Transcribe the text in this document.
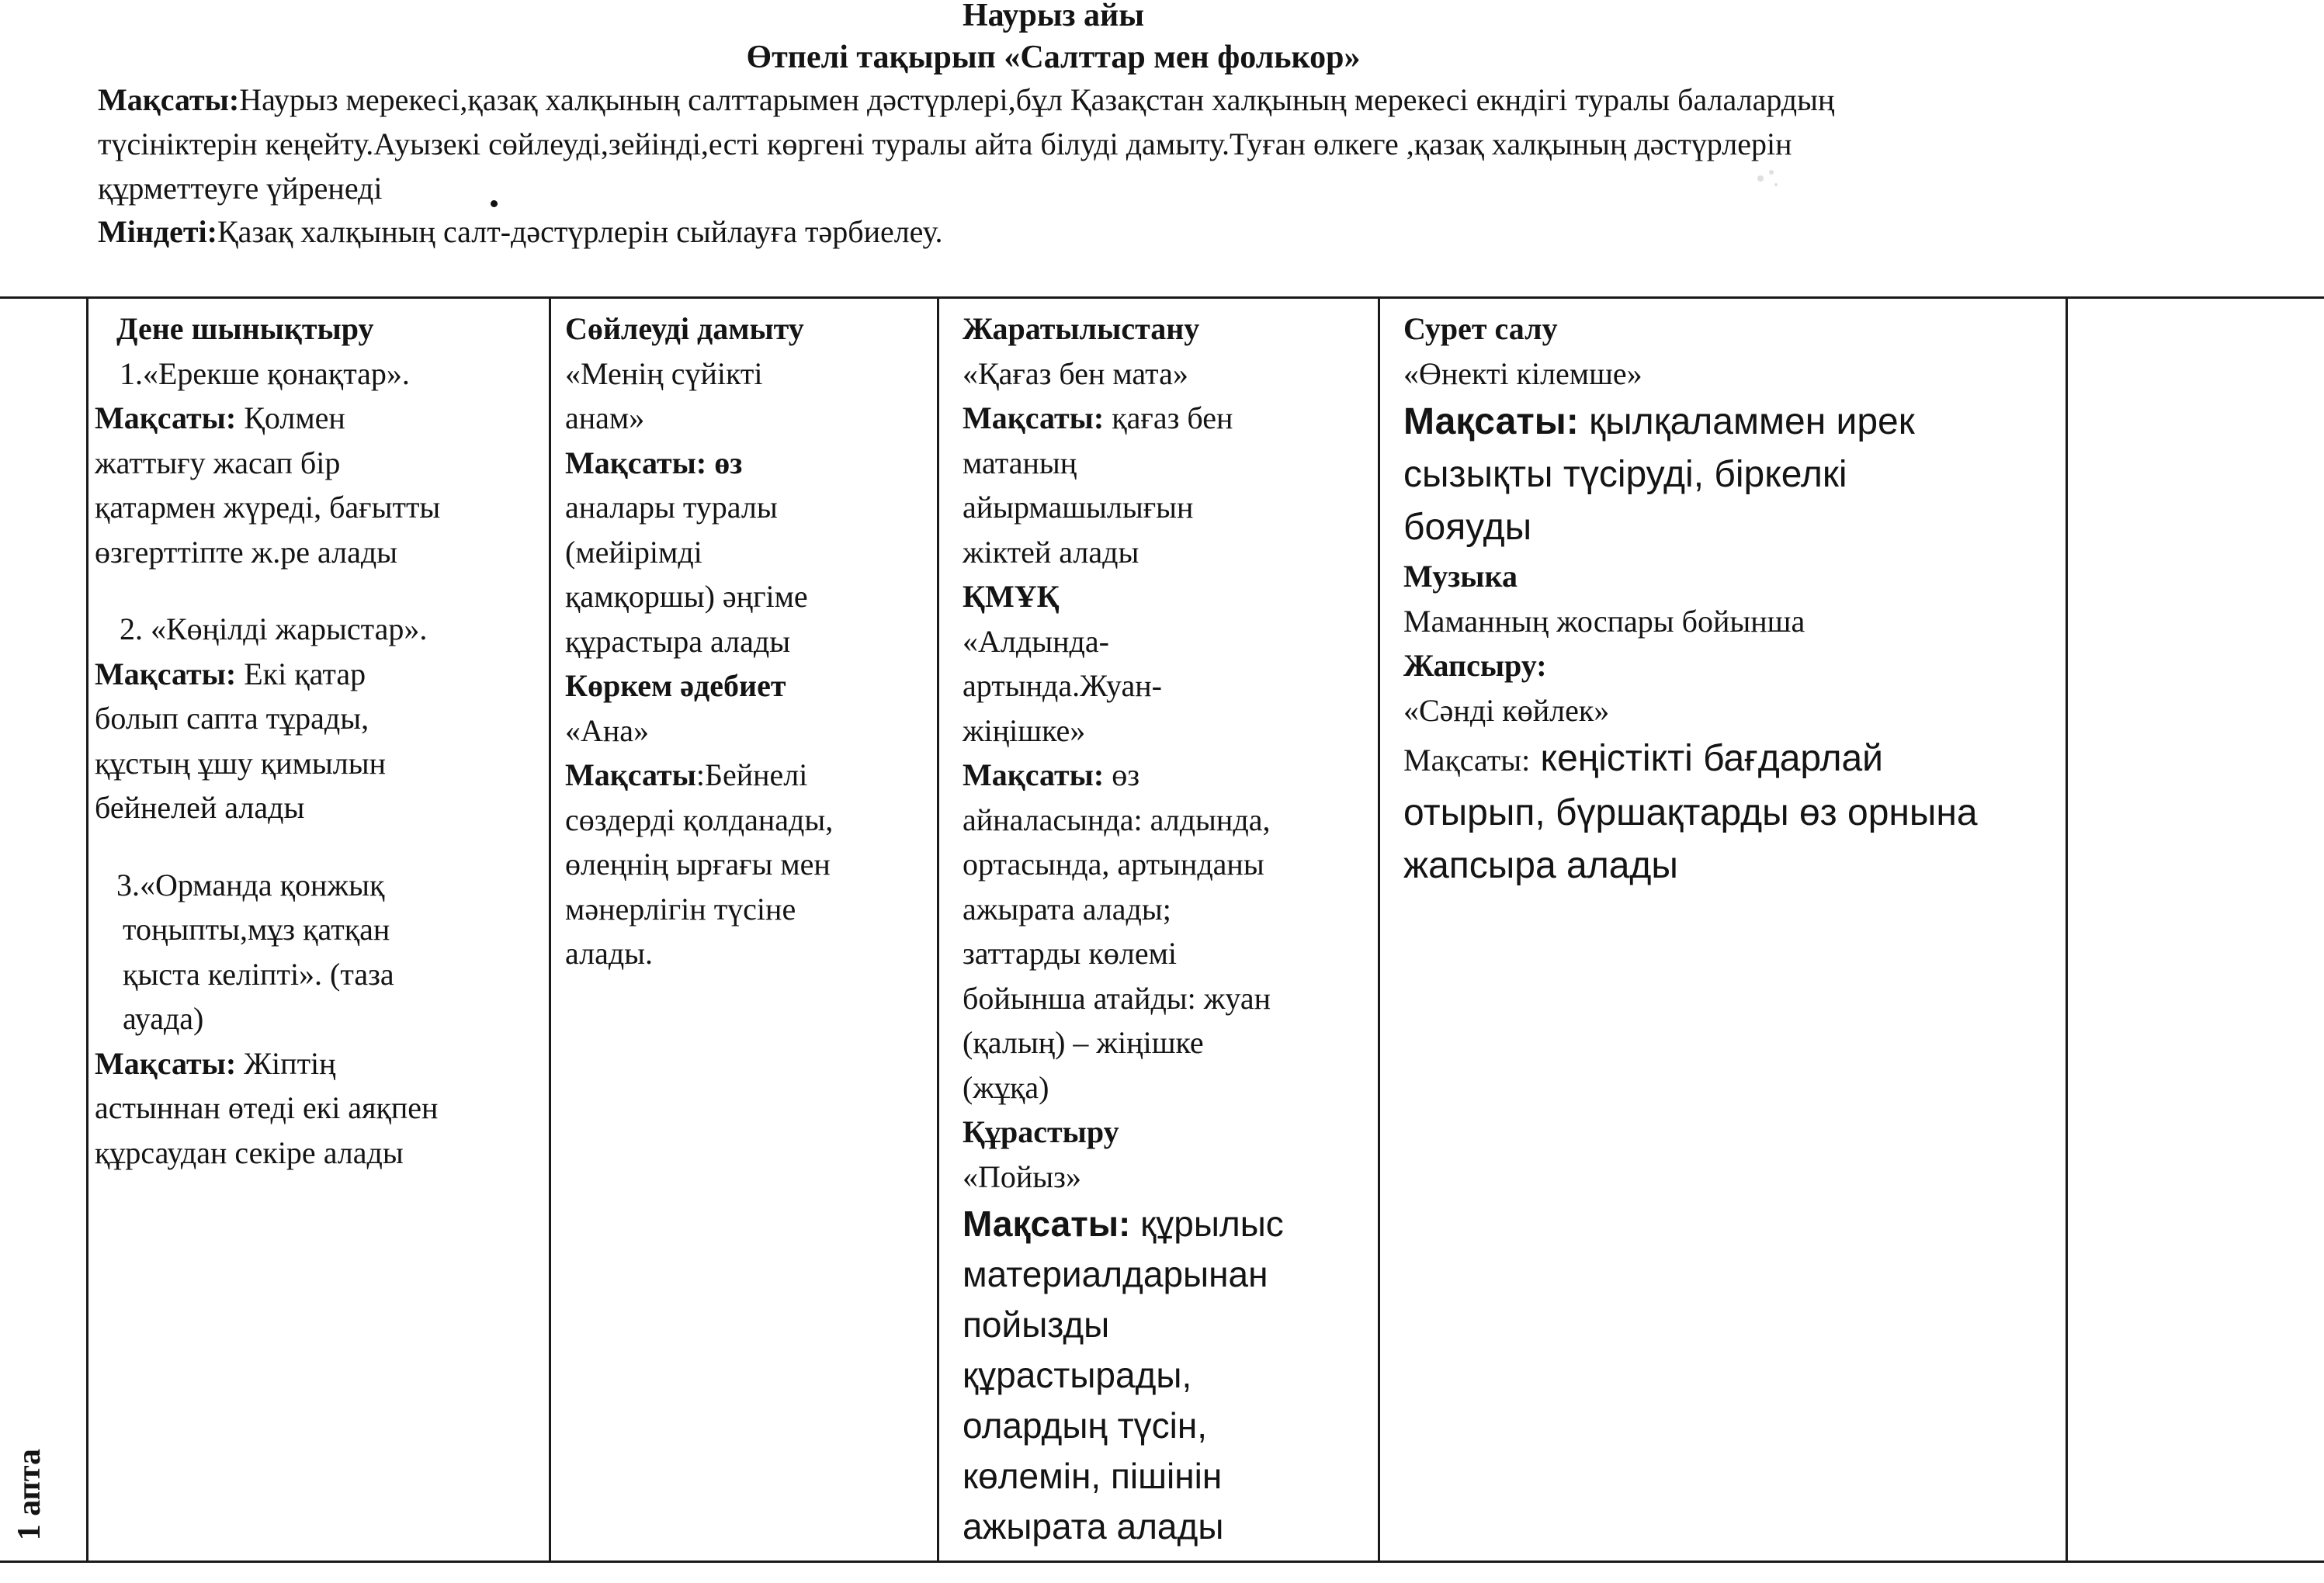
Наурыз айы
Өтпелі тақырып «Салттар мен фолькор»
Мақсаты:Наурыз мерекесі,қазақ халқының салттарымен дәстүрлері,бұл Қазақстан халқының мерекесі екндігі туралы балалардың
түсініктерін кеңейту.Ауызекі сөйлеуді,зейінді,есті көргені туралы айта білуді дамыту.Туған өлкеге ,қазақ халқының дәстүрлерін
құрметтеуге үйренеді
Міндеті:Қазақ халқының салт-дәстүрлерін сыйлауға тәрбиелеу.
1 апта
Дене шынықтыру
1.«Ерекше қонақтар».
Мақсаты: Қолмен
жаттығу жасап бір
қатармен жүреді, бағытты
өзгерттіпте ж.ре алады
2. «Көңілді жарыстар».
Мақсаты: Екі қатар
болып сапта тұрады,
құстың ұшу қимылын
бейнелей алады
3.«Орманда қонжық
тоңыпты,мұз қатқан
қыста келіпті». (таза
ауада)
Мақсаты: Жіптің
астыннан өтеді екі аяқпен
құрсаудан секіре алады
Сөйлеуді дамыту
«Менің сүйікті
анам»
Мақсаты: өз
аналары туралы
(мейірімді
қамқоршы) әңгіме
құрастыра алады
Көркем әдебиет
«Ана»
Мақсаты:Бейнелі
сөздерді қолданады,
өлеңнің ырғағы мен
мәнерлігін түсіне
алады.
Жаратылыстану
«Қағаз бен мата»
Мақсаты: қағаз бен
матаның
айырмашылығын
жіктей алады
ҚМҰҚ
«Алдында-
артында.Жуан-
жіңішке»
Мақсаты: өз
айналасында: алдында,
ортасында, артынданы
ажырата алады;
заттарды көлемі
бойынша атайды: жуан
(қалың) – жіңішке
(жұқа)
Құрастыру
«Пойыз»
Мақсаты: құрылыс
материалдарынан
пойызды
құрастырады,
олардың түсін,
көлемін, пішінін
ажырата алады
Сурет салу
«Өнекті кілемше»
Мақсаты: қылқаламмен ирек
сызықты түсіруді, біркелкі
бояуды
Музыка
Маманның жоспары бойынша
Жапсыру:
«Сәнді көйлек»
Мақсаты: кеңістікті бағдарлай
отырып, бүршақтарды өз орнына
жапсыра алады
